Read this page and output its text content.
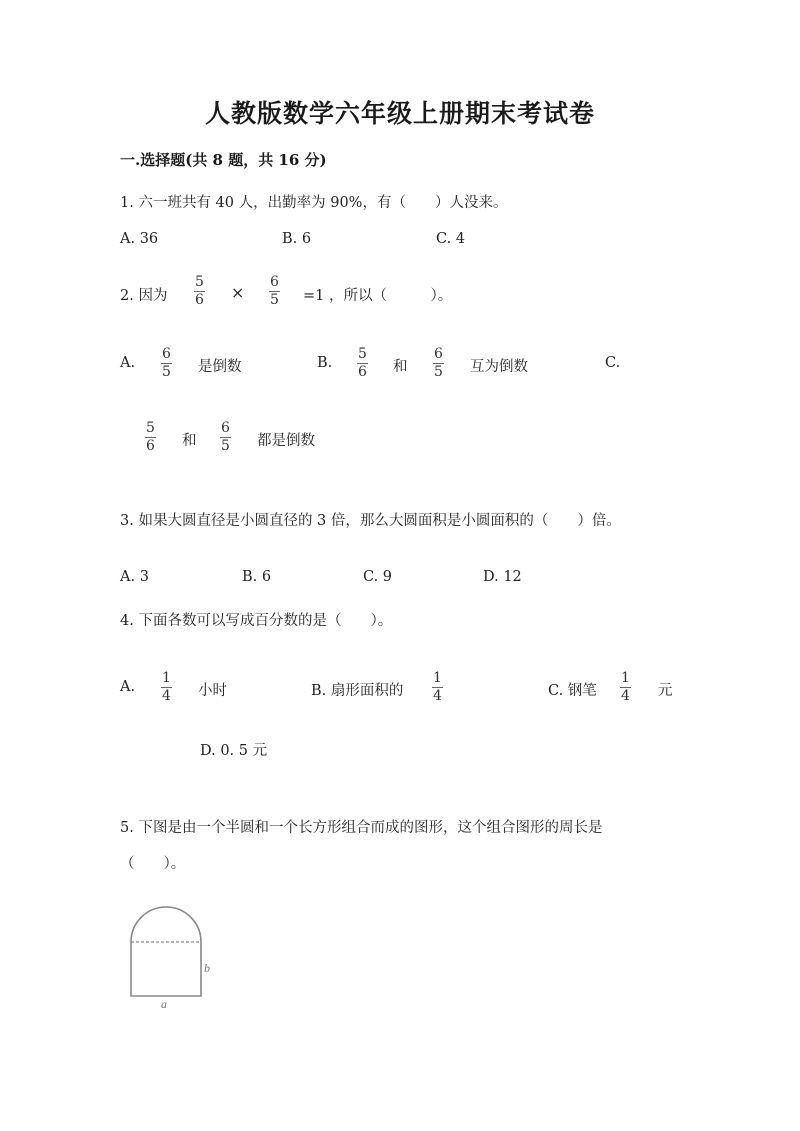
人教版数学六年级上册期末考试卷
一.选择题(共 8 题，共 16 分)
1. 六一班共有 40 人，出勤率为 90%，有（　　）人没来。
A. 36	B. 6	C. 4
2. 因为
5
6 ×
6
5 =1 ，所以（　　　）。
A.
6
5 是倒数	B.
5
6 和
6
5 互为倒数	C.
5
6 和
6
5 都是倒数
3. 如果大圆直径是小圆直径的 3 倍，那么大圆面积是小圆面积的（　　）倍。
A. 3	B. 6	C. 9	D. 12
4. 下面各数可以写成百分数的是（　　）。
A.
1
4 小时	B. 扇形面积的
1
4	C. 钢笔
1
4 元
D. 0. 5 元
5. 下图是由一个半圆和一个长方形组合而成的图形，这个组合图形的周长是
（　　）。
b
a
